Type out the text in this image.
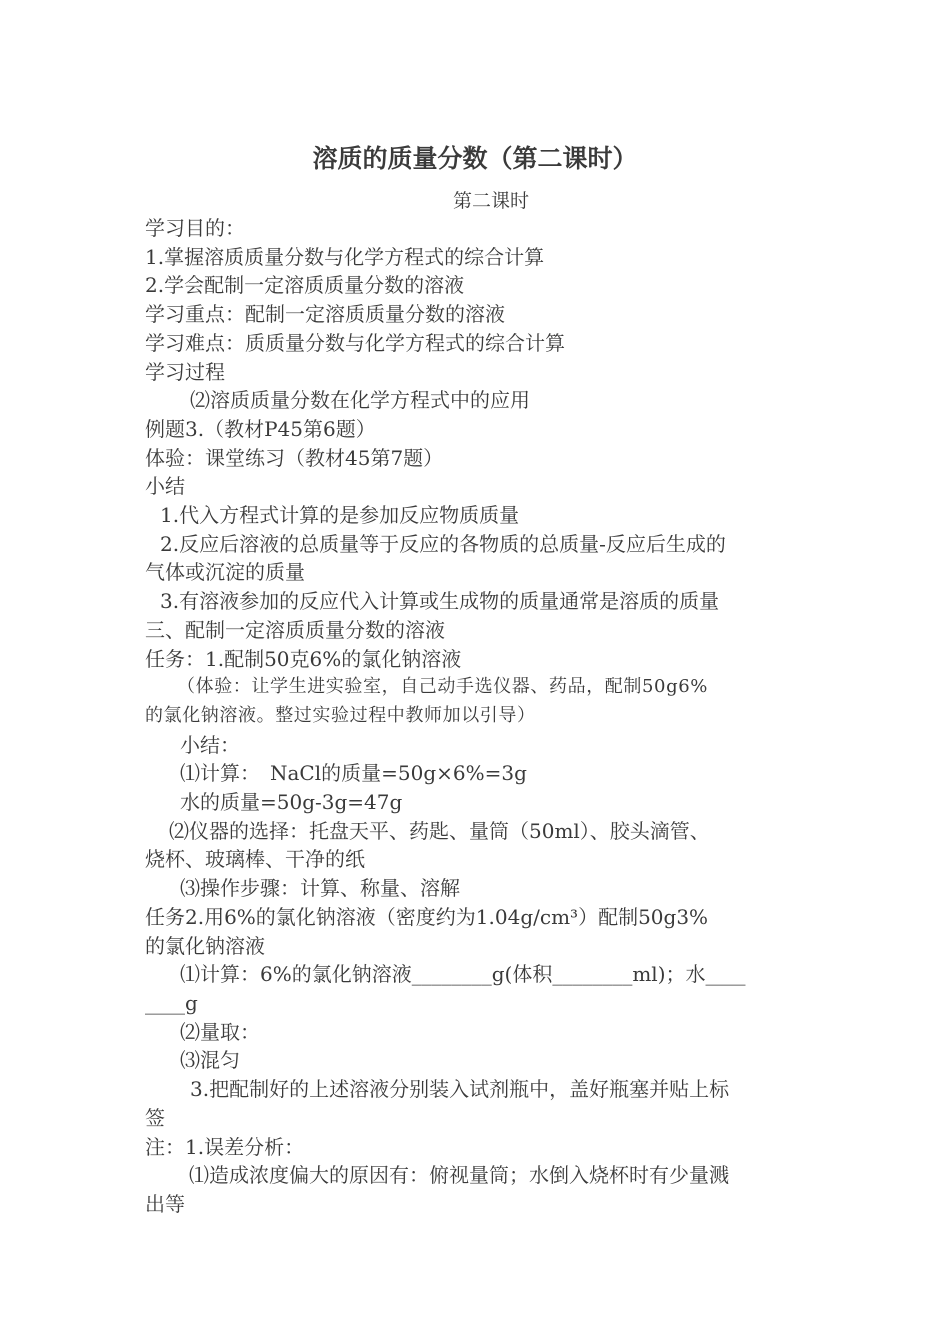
溶质的质量分数（第二课时）
第二课时
学习目的：
1.掌握溶质质量分数与化学方程式的综合计算
2.学会配制一定溶质质量分数的溶液
学习重点：配制一定溶质质量分数的溶液
学习难点：质质量分数与化学方程式的综合计算
学习过程
⑵溶质质量分数在化学方程式中的应用
例题3.（教材P45第6题）
体验：课堂练习（教材45第7题）
小结
1.代入方程式计算的是参加反应物质质量
2.反应后溶液的总质量等于反应的各物质的总质量-反应后生成的
气体或沉淀的质量
3.有溶液参加的反应代入计算或生成物的质量通常是溶质的质量
三、配制一定溶质质量分数的溶液
任务：1.配制50克6%的氯化钠溶液
（体验：让学生进实验室，自己动手选仪器、药品，配制50g6%
的氯化钠溶液。整过实验过程中教师加以引导）
小结：
⑴计算：　NaCl的质量=50g×6%=3g
水的质量=50g-3g=47g
⑵仪器的选择：托盘天平、药匙、量筒（50ml）、胶头滴管、
烧杯、玻璃棒、干净的纸
⑶操作步骤：计算、称量、溶解
任务2.用6%的氯化钠溶液（密度约为1.04g/cm³）配制50g3%
的氯化钠溶液
⑴计算：6%的氯化钠溶液________g(体积________ml)；水____
____g
⑵量取：
⑶混匀
3.把配制好的上述溶液分别装入试剂瓶中，盖好瓶塞并贴上标
签
注：1.误差分析：
⑴造成浓度偏大的原因有：俯视量筒；水倒入烧杯时有少量溅
出等
